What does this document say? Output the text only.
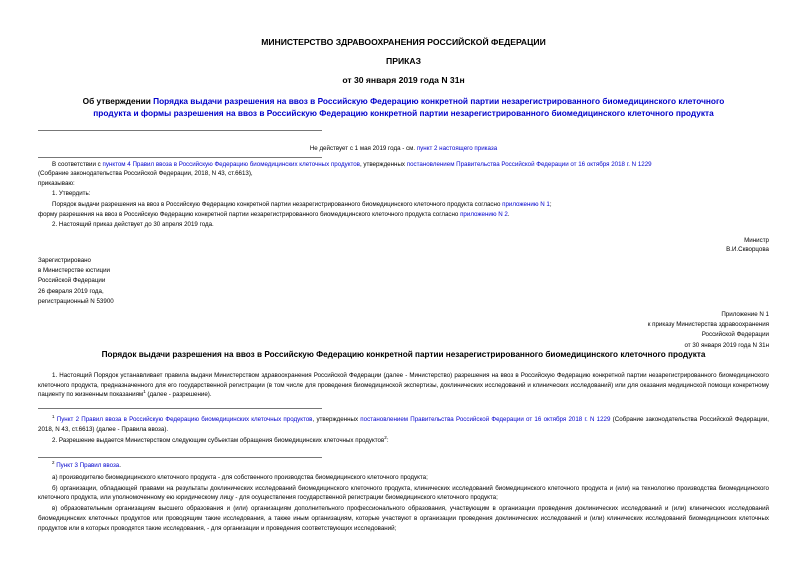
МИНИСТЕРСТВО ЗДРАВООХРАНЕНИЯ РОССИЙСКОЙ ФЕДЕРАЦИИ
ПРИКАЗ
от 30 января 2019 года N 31н
Об утверждении Порядка выдачи разрешения на ввоз в Российскую Федерацию конкретной партии незарегистрированного биомедицинского клеточного
продукта и формы разрешения на ввоз в Российскую Федерацию конкретной партии незарегистрированного биомедицинского клеточного продукта
Не действует с 1 мая 2019 года - см. пункт 2 настоящего приказа
В соответствии с пунктом 4 Правил ввоза в Российскую Федерацию биомедицинских клеточных продуктов, утвержденных постановлением Правительства Российской Федерации от 16 октября 2018 г. N 1229
(Собрание законодательства Российской Федерации, 2018, N 43, ст.6613),
приказываю:
1. Утвердить:
Порядок выдачи разрешения на ввоз в Российскую Федерацию конкретной партии незарегистрированного биомедицинского клеточного продукта согласно приложению N 1;
форму разрешения на ввоз в Российскую Федерацию конкретной партии незарегистрированного биомедицинского клеточного продукта согласно приложению N 2.
2. Настоящий приказ действует до 30 апреля 2019 года.
Министр
В.И.Скворцова
Зарегистрировано
в Министерстве юстиции
Российской Федерации
26 февраля 2019 года,
регистрационный N 53900
Приложение N 1
к приказу Министерства здравоохранения
Российской Федерации
от 30 января 2019 года N 31н
Порядок выдачи разрешения на ввоз в Российскую Федерацию конкретной партии незарегистрированного биомедицинского клеточного продукта
1. Настоящий Порядок устанавливает правила выдачи Министерством здравоохранения Российской Федерации (далее - Министерство) разрешения на ввоз в Российскую Федерацию конкретной партии незарегистрированного биомедицинского клеточного продукта, предназначенного для его государственной регистрации (в том числе для проведения биомедицинской экспертизы, доклинических исследований и клинических исследований) или для оказания медицинской помощи конкретному пациенту по жизненным показаниям$^1$ (далее - разрешение).
$^1$ Пункт 2 Правил ввоза в Российскую Федерацию биомедицинских клеточных продуктов, утвержденных постановлением Правительства Российской Федерации от 16 октября 2018 г. N 1229 (Собрание законодательства Российской Федерации, 2018, N 43, ст.6613) (далее - Правила ввоза).
2. Разрешение выдается Министерством следующим субъектам обращения биомедицинских клеточных продуктов$^2$:
$^2$ Пункт 3 Правил ввоза.
а) производителю биомедицинского клеточного продукта - для собственного производства биомедицинского клеточного продукта;
б) организации, обладающей правами на результаты доклинических исследований биомедицинского клеточного продукта, клинических исследований биомедицинского клеточного продукта и (или) на технологию производства биомедицинского клеточного продукта, или уполномоченному ею юридическому лицу - для осуществления государственной регистрации биомедицинского клеточного продукта;
в) образовательным организациям высшего образования и (или) организациям дополнительного профессионального образования, участвующим в организации проведения доклинических исследований и (или) клинических исследований биомедицинских клеточных продуктов или проводящим такие исследования, а также иным организациям, которые участвуют в организации проведения доклинических исследований и (или) клинических исследований биомедицинских клеточных продуктов или в которых проводятся такие исследования, - для организации и проведения соответствующих исследований;
